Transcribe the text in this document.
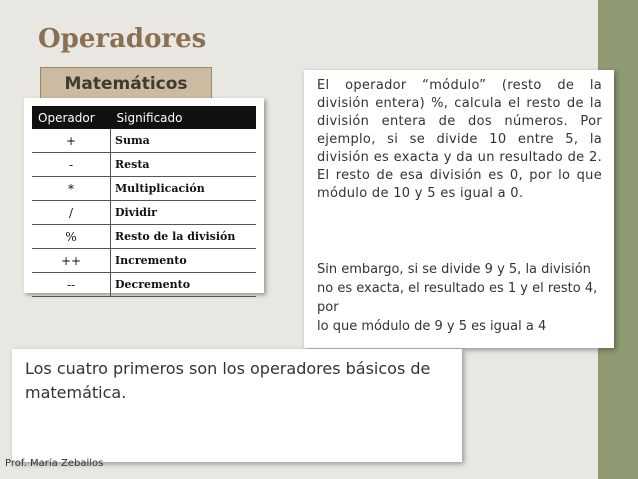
Operadores
Matemáticos
Operador	Significado
+	Suma
-	Resta
*	Multiplicación
/	Dividir
%	Resto de la división
++	Incremento
--	Decremento
El operador “módulo” (resto de la división entera) %, calcula el resto de la división entera de dos números. Por ejemplo, si se divide 10 entre 5, la división es exacta y da un resultado de 2. El resto de esa división es 0, por lo que módulo de 10 y 5 es igual a 0.
Sin embargo, si se divide 9 y 5, la división no es exacta, el resultado es 1 y el resto 4, por
lo que módulo de 9 y 5 es igual a 4
Los cuatro primeros son los operadores básicos de matemática.
Prof. María Zeballos
